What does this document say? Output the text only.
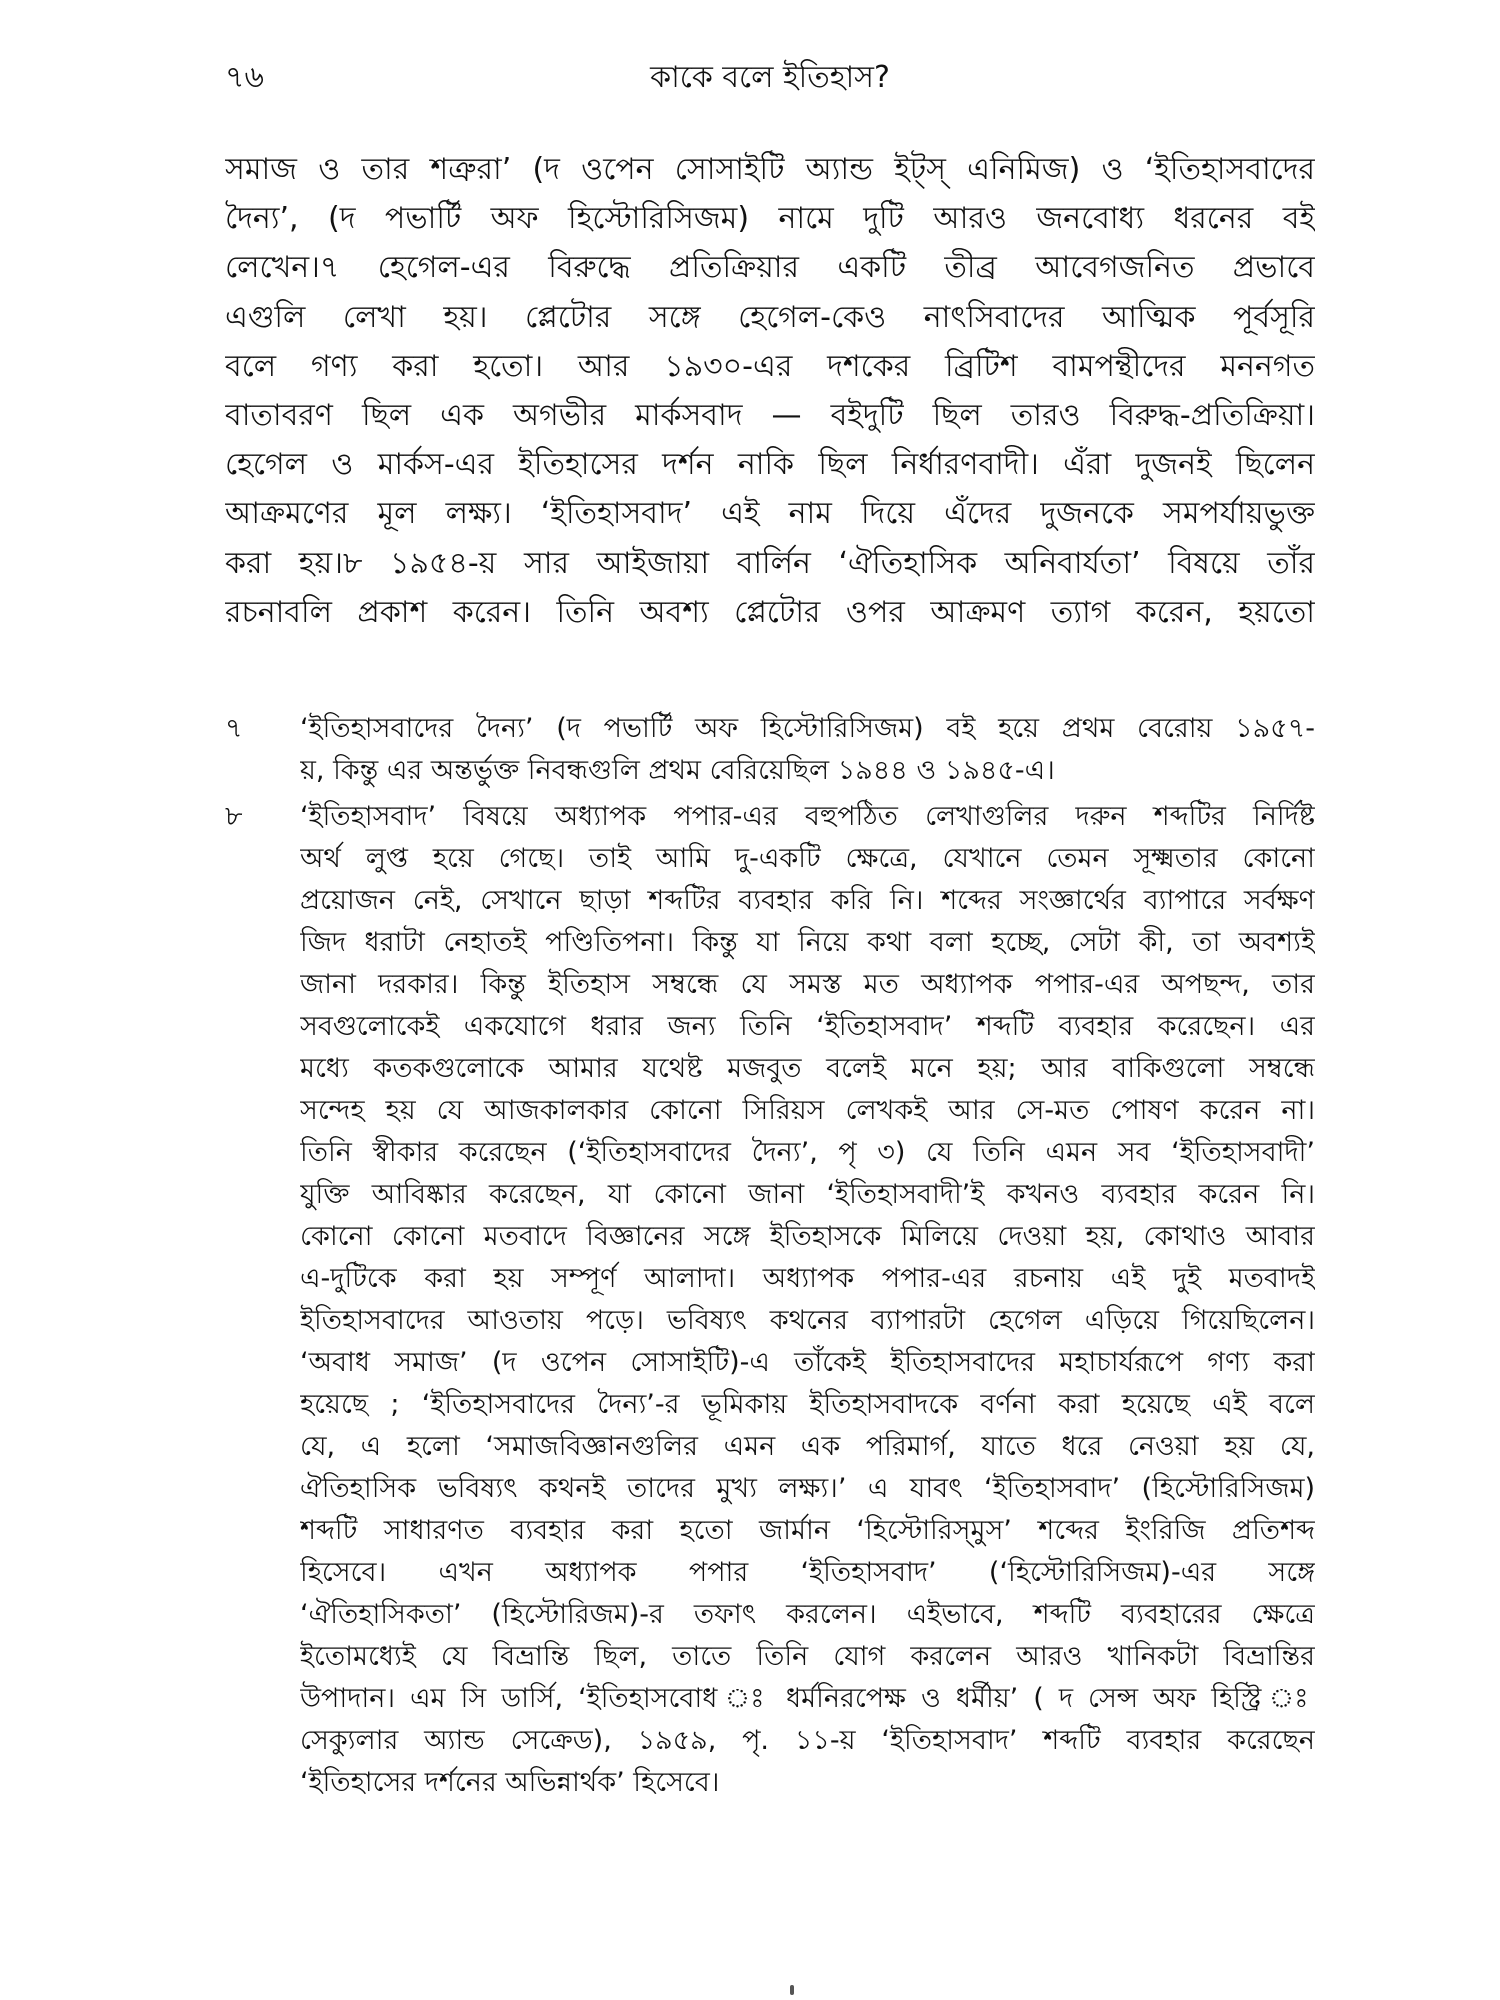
৭৬	কাকে বলে ইতিহাস?
সমাজ ও তার শত্রুরা’ (দ ওপেন সোসাইটি অ্যান্ড ইট্‌স্‌ এনিমিজ) ও ‘ইতিহাসবাদের
দৈন্য’, (দ পভার্টি অফ হিস্টোরিসিজম) নামে দুটি আরও জনবোধ্য ধরনের বই
লেখেন।৭ হেগেল-এর বিরুদ্ধে প্রতিক্রিয়ার একটি তীব্র আবেগজনিত প্রভাবে
এগুলি লেখা হয়। প্লেটোর সঙ্গে হেগেল-কেও নাৎসিবাদের আত্মিক পূর্বসূরি
বলে গণ্য করা হতো। আর ১৯৩০-এর দশকের ব্রিটিশ বামপন্থীদের মননগত
বাতাবরণ ছিল এক অগভীর মার্কসবাদ — বইদুটি ছিল তারও বিরুদ্ধ-প্রতিক্রিয়া।
হেগেল ও মার্কস-এর ইতিহাসের দর্শন নাকি ছিল নির্ধারণবাদী। এঁরা দুজনই ছিলেন
আক্রমণের মূল লক্ষ্য। ‘ইতিহাসবাদ’ এই নাম দিয়ে এঁদের দুজনকে সমপর্যায়ভুক্ত
করা হয়।৮ ১৯৫৪-য় সার আইজায়া বার্লিন ‘ঐতিহাসিক অনিবার্যতা’ বিষয়ে তাঁর
রচনাবলি প্রকাশ করেন। তিনি অবশ্য প্লেটোর ওপর আক্রমণ ত্যাগ করেন, হয়তো
৭ ‘ইতিহাসবাদের দৈন্য’ (দ পভার্টি অফ হিস্টোরিসিজম) বই হয়ে প্রথম বেরোয় ১৯৫৭-
য়, কিন্তু এর অন্তর্ভুক্ত নিবন্ধগুলি প্রথম বেরিয়েছিল ১৯৪৪ ও ১৯৪৫-এ।
৮ ‘ইতিহাসবাদ’ বিষয়ে অধ্যাপক পপার-এর বহুপঠিত লেখাগুলির দরুন শব্দটির নির্দিষ্ট
অর্থ লুপ্ত হয়ে গেছে। তাই আমি দু-একটি ক্ষেত্রে, যেখানে তেমন সূক্ষ্মতার কোনো
প্রয়োজন নেই, সেখানে ছাড়া শব্দটির ব্যবহার করি নি। শব্দের সংজ্ঞার্থের ব্যাপারে সর্বক্ষণ
জিদ ধরাটা নেহাতই পণ্ডিতিপনা। কিন্তু যা নিয়ে কথা বলা হচ্ছে, সেটা কী, তা অবশ্যই
জানা দরকার। কিন্তু ইতিহাস সম্বন্ধে যে সমস্ত মত অধ্যাপক পপার-এর অপছন্দ, তার
সবগুলোকেই একযোগে ধরার জন্য তিনি ‘ইতিহাসবাদ’ শব্দটি ব্যবহার করেছেন। এর
মধ্যে কতকগুলোকে আমার যথেষ্ট মজবুত বলেই মনে হয়; আর বাকিগুলো সম্বন্ধে
সন্দেহ হয় যে আজকালকার কোনো সিরিয়স লেখকই আর সে-মত পোষণ করেন না।
তিনি স্বীকার করেছেন (‘ইতিহাসবাদের দৈন্য’, পৃ ৩) যে তিনি এমন সব ‘ইতিহাসবাদী’
যুক্তি আবিষ্কার করেছেন, যা কোনো জানা ‘ইতিহাসবাদী’ই কখনও ব্যবহার করেন নি।
কোনো কোনো মতবাদে বিজ্ঞানের সঙ্গে ইতিহাসকে মিলিয়ে দেওয়া হয়, কোথাও আবার
এ-দুটিকে করা হয় সম্পূর্ণ আলাদা। অধ্যাপক পপার-এর রচনায় এই দুই মতবাদই
ইতিহাসবাদের আওতায় পড়ে। ভবিষ্যৎ কথনের ব্যাপারটা হেগেল এড়িয়ে গিয়েছিলেন।
‘অবাধ সমাজ’ (দ ওপেন সোসাইটি)-এ তাঁকেই ইতিহাসবাদের মহাচার্যরূপে গণ্য করা
হয়েছে ; ‘ইতিহাসবাদের দৈন্য’-র ভূমিকায় ইতিহাসবাদকে বর্ণনা করা হয়েছে এই বলে
যে, এ হলো ‘সমাজবিজ্ঞানগুলির এমন এক পরিমার্গ, যাতে ধরে নেওয়া হয় যে,
ঐতিহাসিক ভবিষ্যৎ কথনই তাদের মুখ্য লক্ষ্য।’ এ যাবৎ ‘ইতিহাসবাদ’ (হিস্টোরিসিজম)
শব্দটি সাধারণত ব্যবহার করা হতো জার্মান ‘হিস্টোরিস্‌মুস’ শব্দের ইংরিজি প্রতিশব্দ
হিসেবে। এখন অধ্যাপক পপার ‘ইতিহাসবাদ’ (‘হিস্টোরিসিজম)-এর সঙ্গে
‘ঐতিহাসিকতা’ (হিস্টোরিজম)-র তফাৎ করলেন। এইভাবে, শব্দটি ব্যবহারের ক্ষেত্রে
ইতোমধ্যেই যে বিভ্রান্তি ছিল, তাতে তিনি যোগ করলেন আরও খানিকটা বিভ্রান্তির
উপাদান। এম সি ডার্সি, ‘ইতিহাসবোধ ঃ ধর্মনিরপেক্ষ ও ধর্মীয়’ ( দ সেন্স অফ হিস্ট্রি ঃ
সেক্যুলার অ্যান্ড সেক্রেড), ১৯৫৯, পৃ. ১১-য় ‘ইতিহাসবাদ’ শব্দটি ব্যবহার করেছেন
‘ইতিহাসের দর্শনের অভিন্নার্থক’ হিসেবে।
